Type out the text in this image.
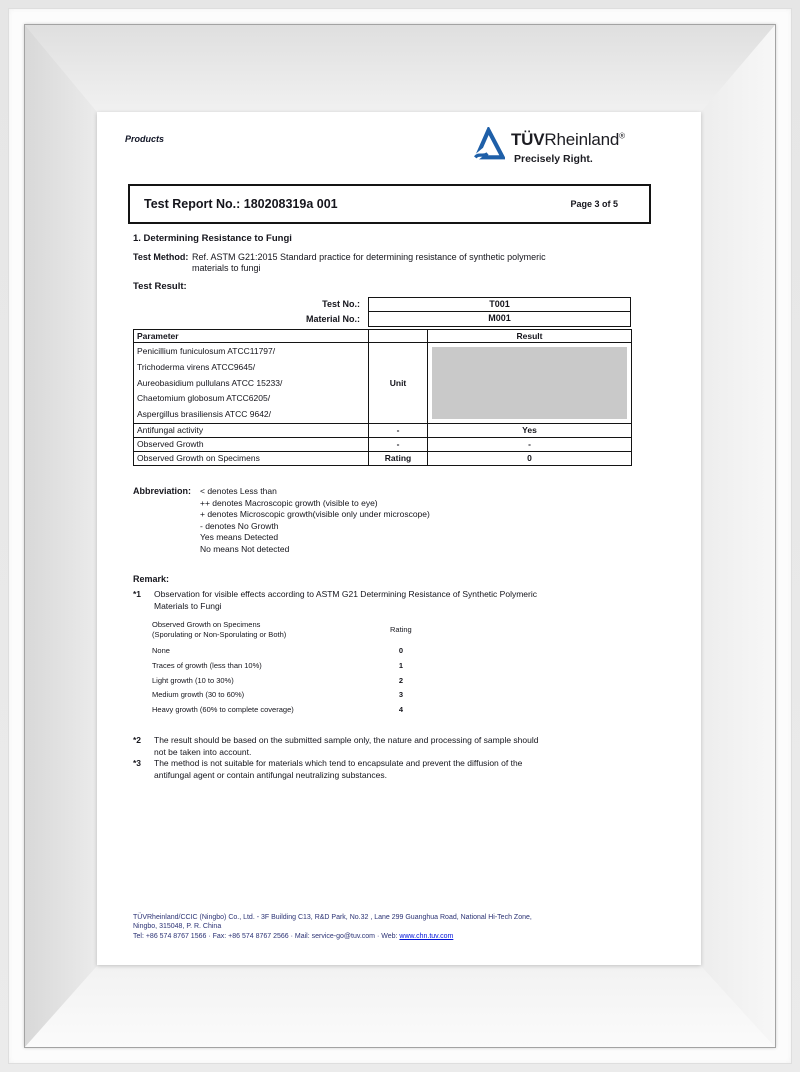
Products	TÜVRheinland®
Precisely Right.
Test Report No.: 180208319a 001	Page 3 of 5
1. Determining Resistance to Fungi
Test Method: Ref. ASTM G21:2015 Standard practice for determining resistance of synthetic polymeric
materials to fungi
Test Result:
Test No.:	T001
Material No.:	M001
Parameter		Result

Penicillium funiculosum ATCC11797/
Trichoderma virens ATCC9645/
Aureobasidium pullulans ATCC 15233/
Chaetomium globosum ATCC6205/
Aspergillus brasiliensis ATCC 9642/	Unit	

Antifungal activity	-	Yes
Observed Growth	-	-
Observed Growth on Specimens	Rating	0
Abbreviation: < denotes Less than
++ denotes Macroscopic growth (visible to eye)
+ denotes Microscopic growth(visible only under microscope)
- denotes No Growth
Yes means Detected
No means Not detected
Remark:
*1 Observation for visible effects according to ASTM G21 Determining Resistance of Synthetic Polymeric
Materials to Fungi
Observed Growth on Specimens
(Sporulating or Non-Sporulating or Both)	Rating
None	0
Traces of growth (less than 10%)	1
Light growth (10 to 30%)	2
Medium growth (30 to 60%)	3
Heavy growth (60% to complete coverage)	4
*2 The result should be based on the submitted sample only, the nature and processing of sample should
not be taken into account.
*3 The method is not suitable for materials which tend to encapsulate and prevent the diffusion of the
antifungal agent or contain antifungal neutralizing substances.
TÜVRheinland/CCIC (Ningbo) Co., Ltd. - 3F Building C13, R&D Park, No.32 , Lane 299 Guanghua Road, National Hi-Tech Zone,
Ningbo, 315048, P. R. China
Tel: +86 574 8767 1566 · Fax: +86 574 8767 2566 · Mail: service-go@tuv.com · Web: www.chn.tuv.com
